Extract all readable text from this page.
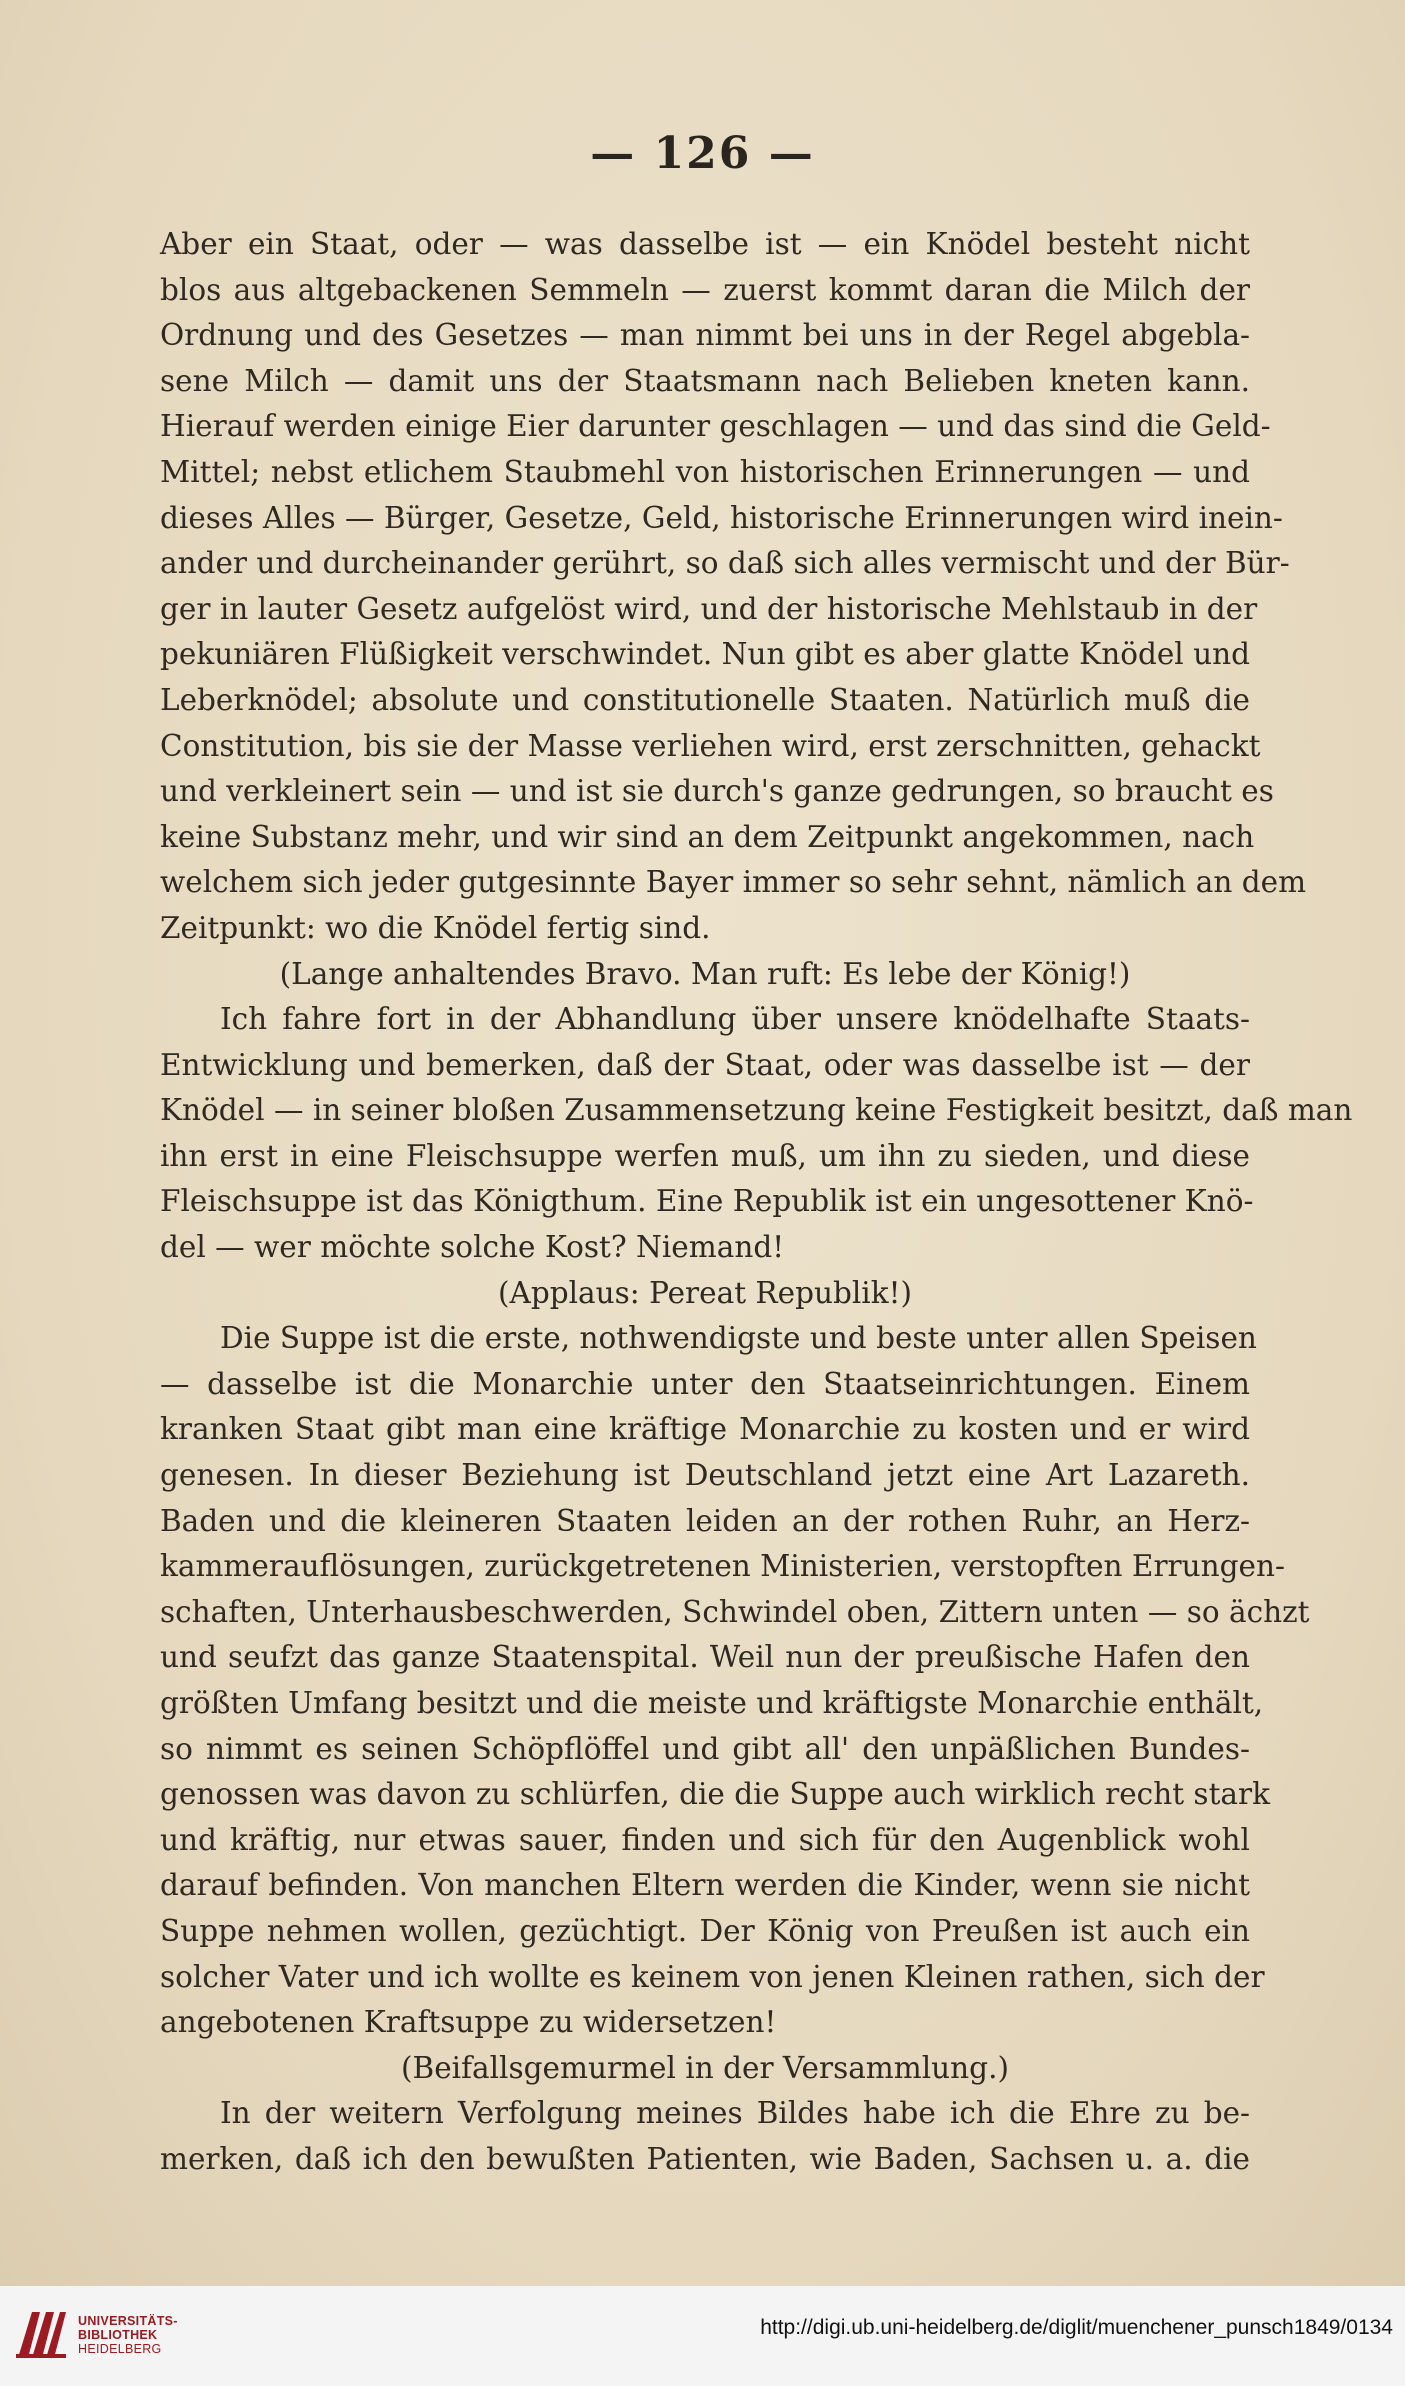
— 126 —
Aber ein Staat, oder — was dasselbe ist — ein Knödel besteht nicht
blos aus altgebackenen Semmeln — zuerst kommt daran die Milch der
Ordnung und des Gesetzes — man nimmt bei uns in der Regel abgebla-
sene Milch — damit uns der Staatsmann nach Belieben kneten kann.
Hierauf werden einige Eier darunter geschlagen — und das sind die Geld-
Mittel; nebst etlichem Staubmehl von historischen Erinnerungen — und
dieses Alles — Bürger, Gesetze, Geld, historische Erinnerungen wird inein-
ander und durcheinander gerührt, so daß sich alles vermischt und der Bür-
ger in lauter Gesetz aufgelöst wird, und der historische Mehlstaub in der
pekuniären Flüßigkeit verschwindet. Nun gibt es aber glatte Knödel und
Leberknödel; absolute und constitutionelle Staaten. Natürlich muß die
Constitution, bis sie der Masse verliehen wird, erst zerschnitten, gehackt
und verkleinert sein — und ist sie durch's ganze gedrungen, so braucht es
keine Substanz mehr, und wir sind an dem Zeitpunkt angekommen, nach
welchem sich jeder gutgesinnte Bayer immer so sehr sehnt, nämlich an dem
Zeitpunkt: wo die Knödel fertig sind.
(Lange anhaltendes Bravo. Man ruft: Es lebe der König!)
Ich fahre fort in der Abhandlung über unsere knödelhafte Staats-
Entwicklung und bemerken, daß der Staat, oder was dasselbe ist — der
Knödel — in seiner bloßen Zusammensetzung keine Festigkeit besitzt, daß man
ihn erst in eine Fleischsuppe werfen muß, um ihn zu sieden, und diese
Fleischsuppe ist das Königthum. Eine Republik ist ein ungesottener Knö-
del — wer möchte solche Kost? Niemand!
(Applaus: Pereat Republik!)
Die Suppe ist die erste, nothwendigste und beste unter allen Speisen
— dasselbe ist die Monarchie unter den Staatseinrichtungen. Einem
kranken Staat gibt man eine kräftige Monarchie zu kosten und er wird
genesen. In dieser Beziehung ist Deutschland jetzt eine Art Lazareth.
Baden und die kleineren Staaten leiden an der rothen Ruhr, an Herz-
kammerauflösungen, zurückgetretenen Ministerien, verstopften Errungen-
schaften, Unterhausbeschwerden, Schwindel oben, Zittern unten — so ächzt
und seufzt das ganze Staatenspital. Weil nun der preußische Hafen den
größten Umfang besitzt und die meiste und kräftigste Monarchie enthält,
so nimmt es seinen Schöpflöffel und gibt all' den unpäßlichen Bundes-
genossen was davon zu schlürfen, die die Suppe auch wirklich recht stark
und kräftig, nur etwas sauer, finden und sich für den Augenblick wohl
darauf befinden. Von manchen Eltern werden die Kinder, wenn sie nicht
Suppe nehmen wollen, gezüchtigt. Der König von Preußen ist auch ein
solcher Vater und ich wollte es keinem von jenen Kleinen rathen, sich der
angebotenen Kraftsuppe zu widersetzen!
(Beifallsgemurmel in der Versammlung.)
In der weitern Verfolgung meines Bildes habe ich die Ehre zu be-
merken, daß ich den bewußten Patienten, wie Baden, Sachsen u. a. die
UNIVERSITÄTS-
BIBLIOTHEK
HEIDELBERG
http://digi.ub.uni-heidelberg.de/diglit/muenchener_punsch1849/0134
